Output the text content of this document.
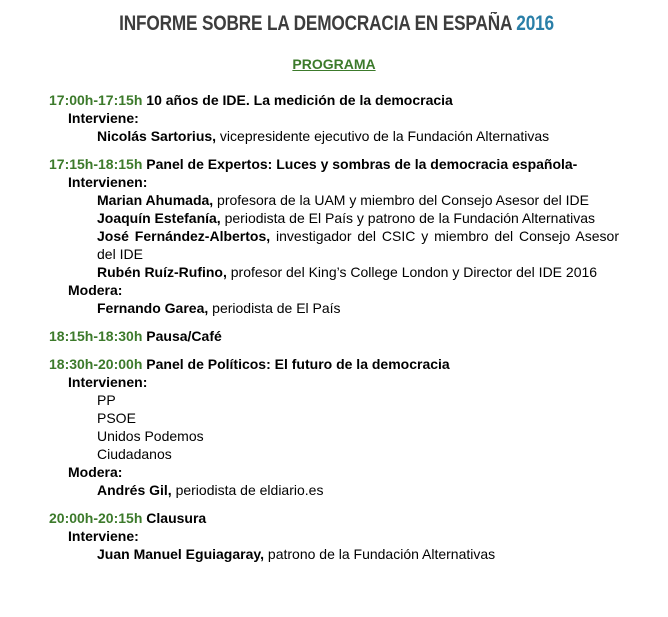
INFORME SOBRE LA DEMOCRACIA EN ESPAÑA 2016
PROGRAMA
17:00h-17:15h 10 años de IDE. La medición de la democracia
Interviene:
Nicolás Sartorius, vicepresidente ejecutivo de la Fundación Alternativas
17:15h-18:15h Panel de Expertos: Luces y sombras de la democracia española-
Intervienen:
Marian Ahumada, profesora de la UAM y miembro del Consejo Asesor del IDE
Joaquín Estefanía, periodista de El País y patrono de la Fundación Alternativas
José Fernández-Albertos, investigador del CSIC y miembro del Consejo Asesor del IDE
Rubén Ruíz-Rufino, profesor del King’s College London y Director del IDE 2016
Modera:
Fernando Garea, periodista de El País
18:15h-18:30h Pausa/Café
18:30h-20:00h Panel de Políticos: El futuro de la democracia
Intervienen:
PP
PSOE
Unidos Podemos
Ciudadanos
Modera:
Andrés Gil, periodista de eldiario.es
20:00h-20:15h Clausura
Interviene:
Juan Manuel Eguiagaray, patrono de la Fundación Alternativas
